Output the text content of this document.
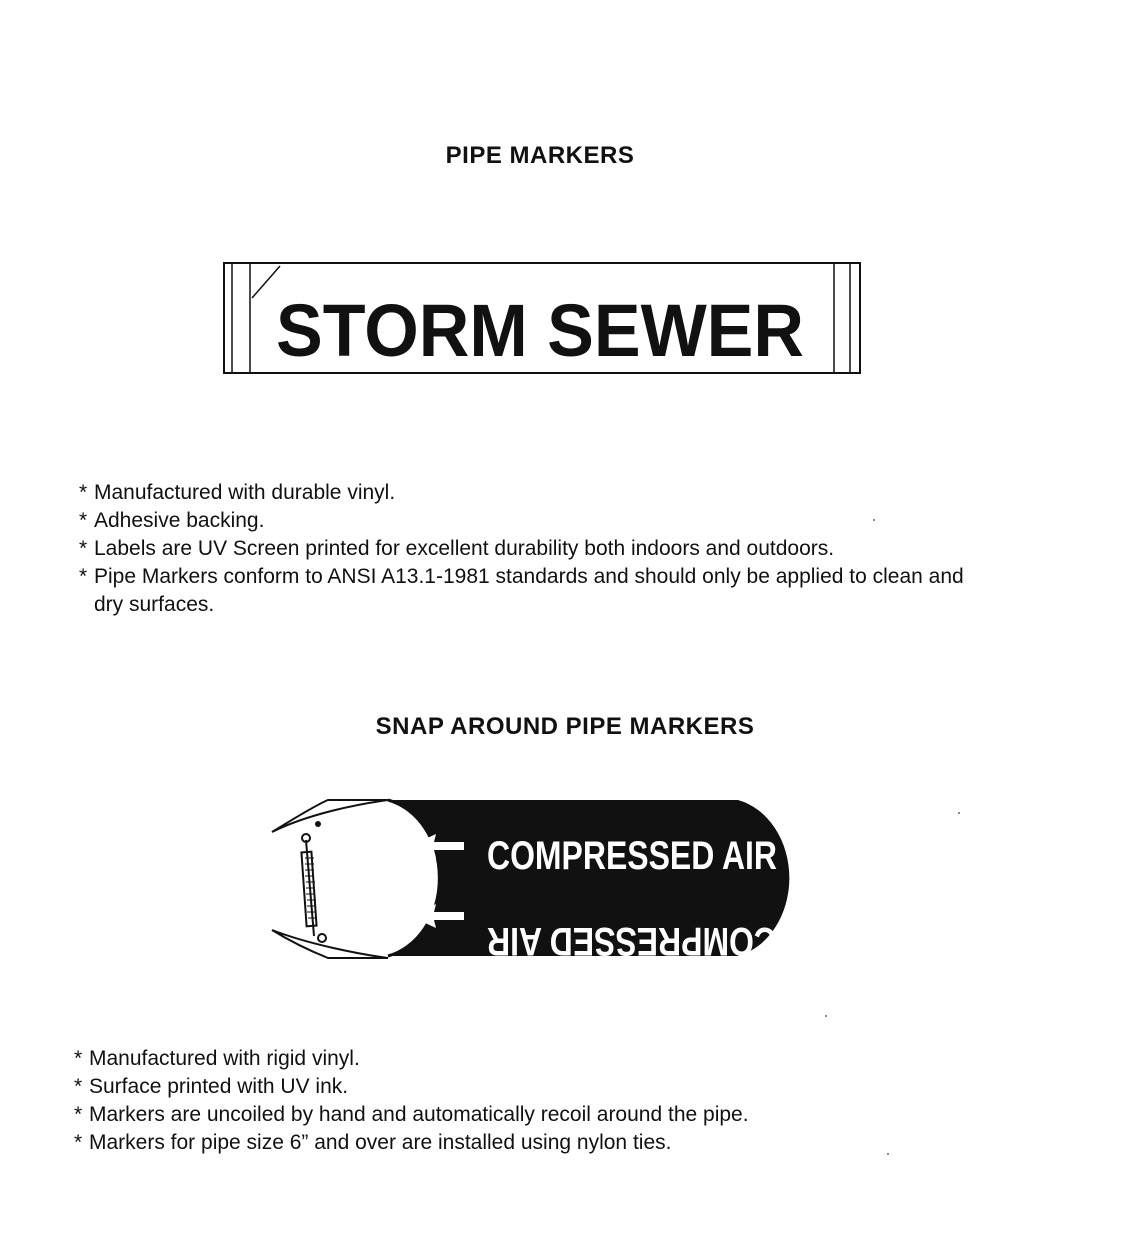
PIPE MARKERS
STORM SEWER
* Manufactured with durable vinyl.
* Adhesive backing.
* Labels are UV Screen printed for excellent durability both indoors and outdoors.
* Pipe Markers conform to ANSI A13.1-1981 standards and should only be applied to clean and dry surfaces.
SNAP AROUND PIPE MARKERS
COMPRESSED AIR
COMPRESSED AIR
* Manufactured with rigid vinyl.
* Surface printed with UV ink.
* Markers are uncoiled by hand and automatically recoil around the pipe.
* Markers for pipe size 6” and over are installed using nylon ties.
